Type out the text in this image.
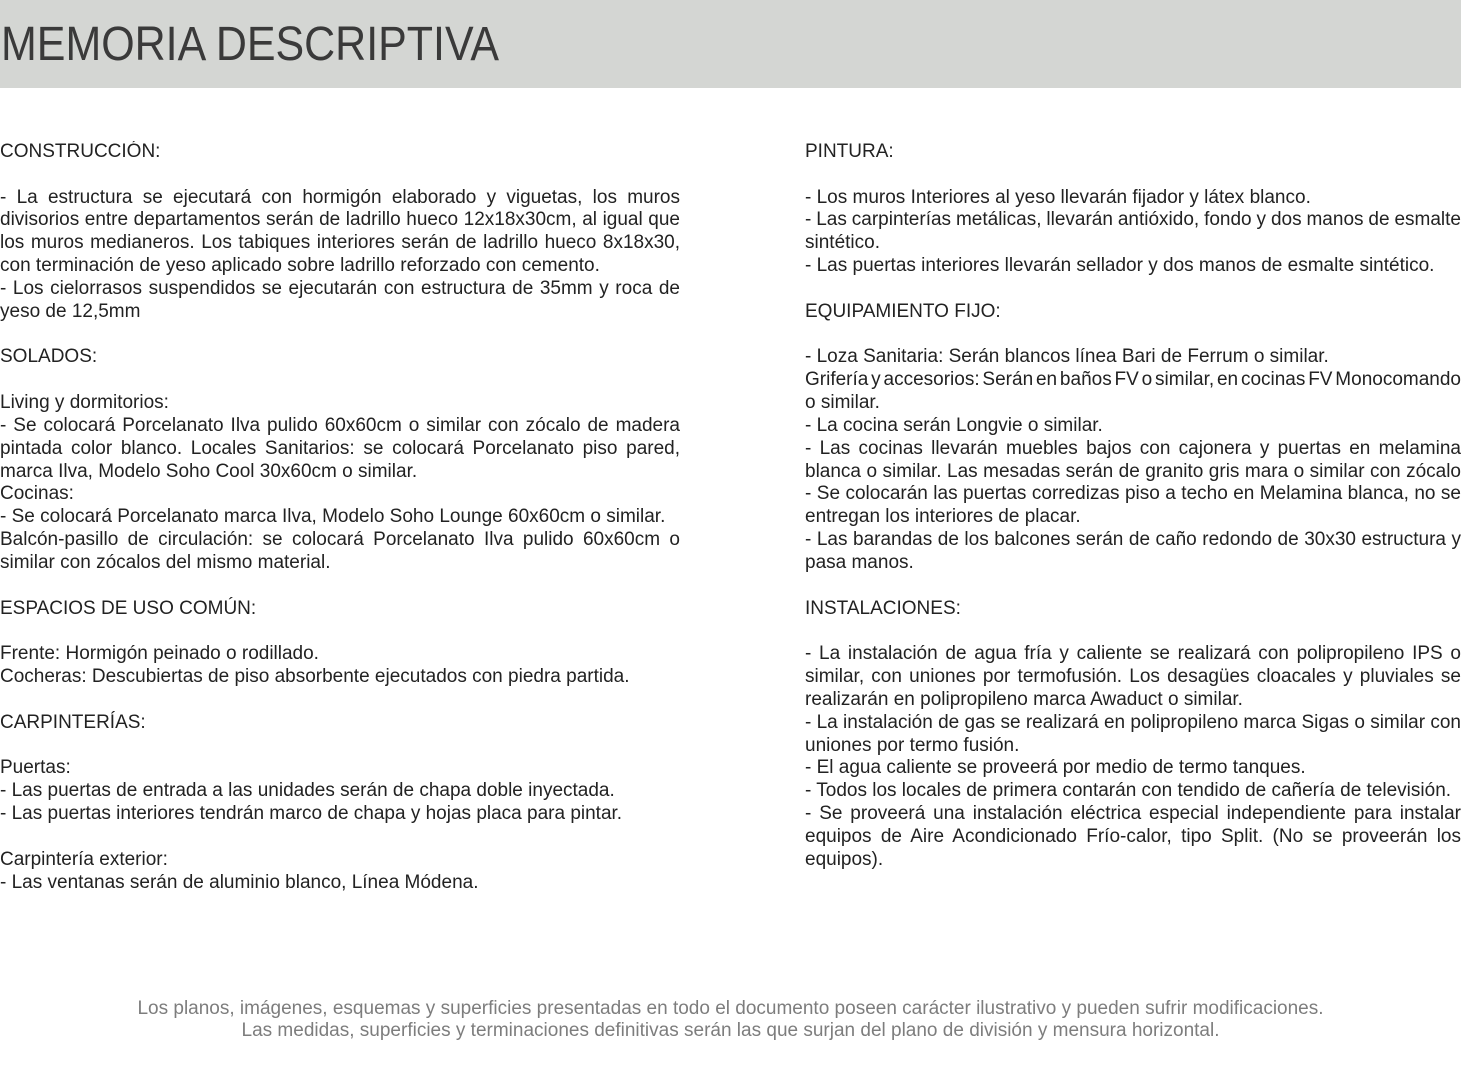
MEMORIA DESCRIPTIVA
CONSTRUCCIÓN:
- La estructura se ejecutará con hormigón elaborado y viguetas, los muros
divisorios entre departamentos serán de ladrillo hueco 12x18x30cm, al igual que
los muros medianeros. Los tabiques interiores serán de ladrillo hueco 8x18x30,
con terminación de yeso aplicado sobre ladrillo reforzado con cemento.
- Los cielorrasos suspendidos se ejecutarán con estructura de 35mm y roca de
yeso de 12,5mm
SOLADOS:
Living y dormitorios:
- Se colocará Porcelanato Ilva pulido 60x60cm o similar con zócalo de madera
pintada color blanco. Locales Sanitarios: se colocará Porcelanato piso pared,
marca Ilva, Modelo Soho Cool 30x60cm o similar.
Cocinas:
- Se colocará Porcelanato marca Ilva, Modelo Soho Lounge 60x60cm o similar.
Balcón-pasillo de circulación: se colocará Porcelanato Ilva pulido 60x60cm o
similar con zócalos del mismo material.
ESPACIOS DE USO COMÚN:
Frente: Hormigón peinado o rodillado.
Cocheras: Descubiertas de piso absorbente ejecutados con piedra partida.
CARPINTERÍAS:
Puertas:
- Las puertas de entrada a las unidades serán de chapa doble inyectada.
- Las puertas interiores tendrán marco de chapa y hojas placa para pintar.
Carpintería exterior:
- Las ventanas serán de aluminio blanco, Línea Módena.
PINTURA:
- Los muros Interiores al yeso llevarán fijador y látex blanco.
- Las carpinterías metálicas, llevarán antióxido, fondo y dos manos de esmalte
sintético.
- Las puertas interiores llevarán sellador y dos manos de esmalte sintético.
EQUIPAMIENTO FIJO:
- Loza Sanitaria: Serán blancos línea Bari de Ferrum o similar.
Grifería y accesorios: Serán en baños FV o similar, en cocinas FV Monocomando
o similar.
- La cocina serán Longvie o similar.
- Las cocinas llevarán muebles bajos con cajonera y puertas en melamina
blanca o similar. Las mesadas serán de granito gris mara o similar con zócalo
- Se colocarán las puertas corredizas piso a techo en Melamina blanca, no se
entregan los interiores de placar.
- Las barandas de los balcones serán de caño redondo de 30x30 estructura y
pasa manos.
INSTALACIONES:
- La instalación de agua fría y caliente se realizará con polipropileno IPS o
similar, con uniones por termofusión. Los desagües cloacales y pluviales se
realizarán en polipropileno marca Awaduct o similar.
- La instalación de gas se realizará en polipropileno marca Sigas o similar con
uniones por termo fusión.
- El agua caliente se proveerá por medio de termo tanques.
- Todos los locales de primera contarán con tendido de cañería de televisión.
- Se proveerá una instalación eléctrica especial independiente para instalar
equipos de Aire Acondicionado Frío-calor, tipo Split. (No se proveerán los
equipos).
Los planos, imágenes, esquemas y superficies presentadas en todo el documento poseen carácter ilustrativo y pueden sufrir modificaciones.
Las medidas, superficies y terminaciones definitivas serán las que surjan del plano de división y mensura horizontal.
